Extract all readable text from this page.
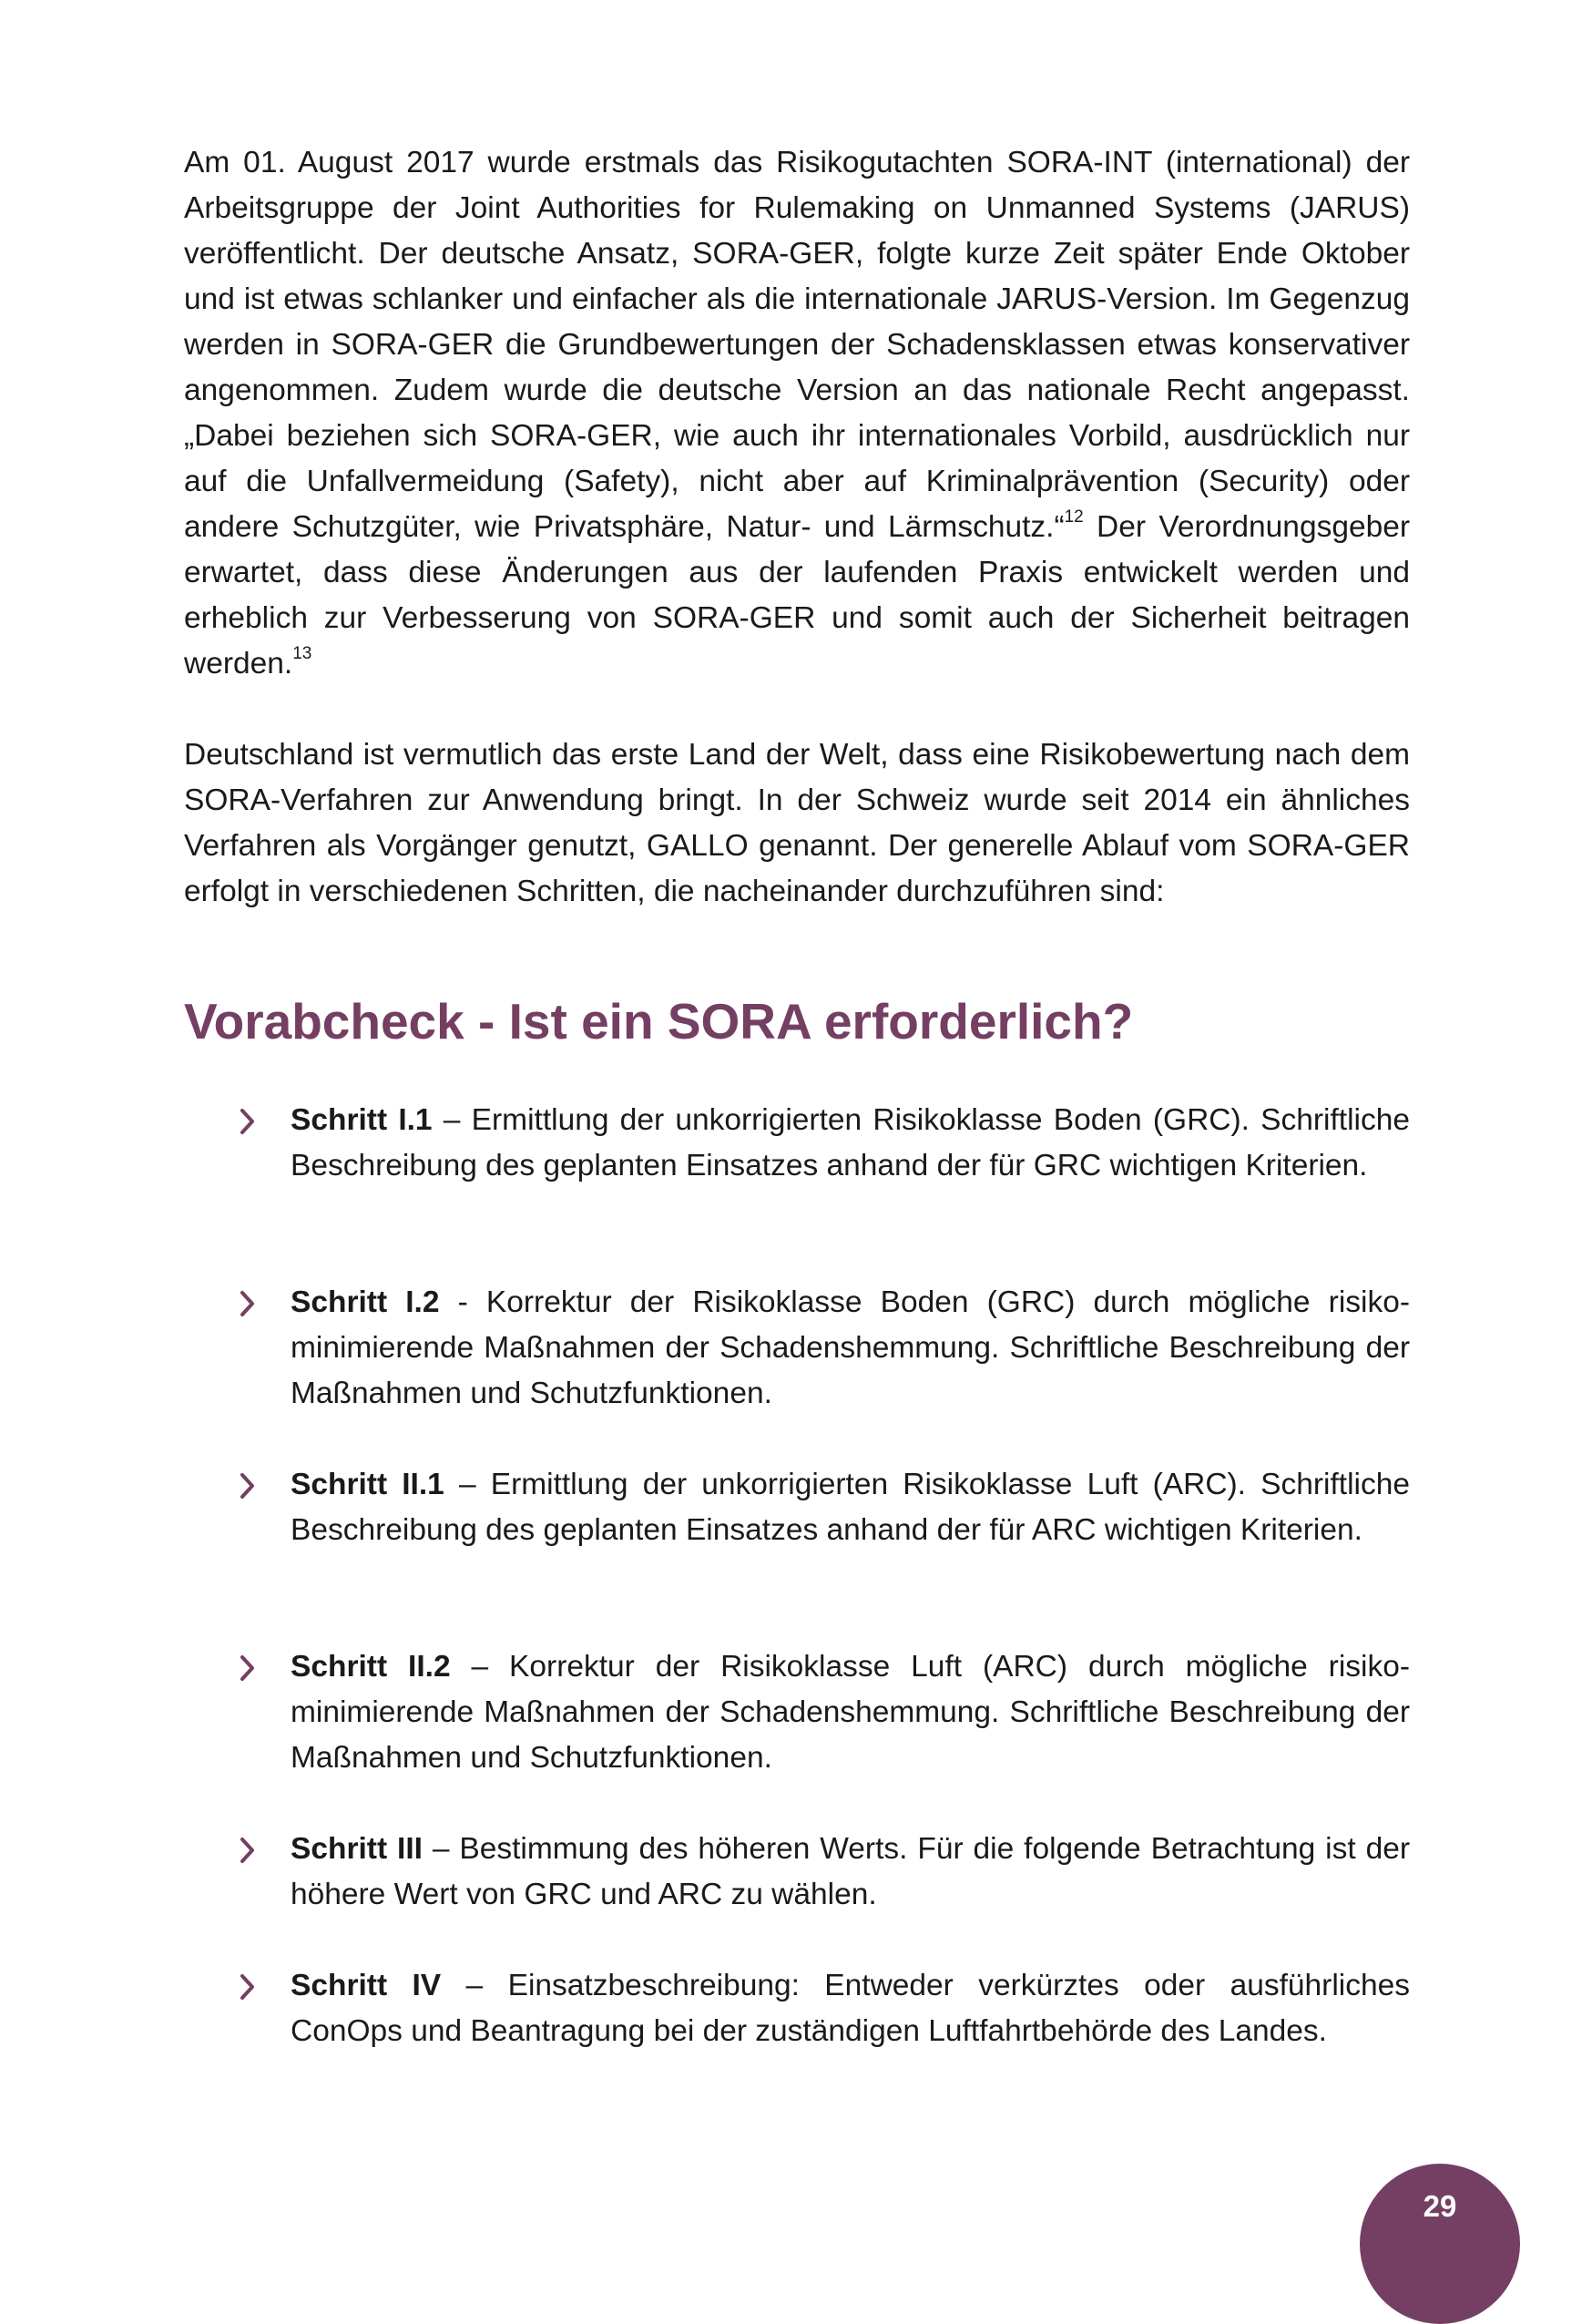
Am 01. August 2017 wurde erstmals das Risikogutachten SORA-INT (international) der Arbeitsgruppe der Joint Authorities for Rulemaking on Unmanned Systems (JARUS) veröffentlicht. Der deutsche Ansatz, SORA-GER, folgte kurze Zeit später Ende Oktober und ist etwas schlanker und einfacher als die internationale JARUS-Version. Im Gegenzug werden in SORA-GER die Grundbewertungen der Schadensklassen etwas konservativer angenommen. Zudem wurde die deutsche Version an das nationale Recht angepasst. „Dabei beziehen sich SORA-GER, wie auch ihr internationales Vorbild, ausdrücklich nur auf die Unfallvermeidung (Safety), nicht aber auf Kriminalprävention (Security) oder andere Schutzgüter, wie Privatsphäre, Natur- und Lärmschutz.“$^{12}$ Der Verordnungsgeber erwartet, dass diese Änderungen aus der laufenden Praxis entwickelt werden und erheblich zur Verbesserung von SORA-GER und somit auch der Sicherheit beitragen werden.$^{13}$

Deutschland ist vermutlich das erste Land der Welt, dass eine Risikobewertung nach dem SORA-Verfahren zur Anwendung bringt. In der Schweiz wurde seit 2014 ein ähnliches Verfahren als Vorgänger genutzt, GALLO genannt. Der generelle Ablauf vom SORA-GER erfolgt in verschiedenen Schritten, die nacheinander durchzuführen sind:

Vorabcheck - Ist ein SORA erforderlich?

Schritt I.1 – Ermittlung der unkorrigierten Risikoklasse Boden (GRC). Schriftliche Beschreibung des geplanten Einsatzes anhand der für GRC wichtigen Kriterien.

Schritt I.2 - Korrektur der Risikoklasse Boden (GRC) durch mögliche risikominimierende Maßnahmen der Schadenshemmung. Schriftliche Beschreibung der Maßnahmen und Schutzfunktionen.

Schritt II.1 – Ermittlung der unkorrigierten Risikoklasse Luft (ARC). Schriftliche Beschreibung des geplanten Einsatzes anhand der für ARC wichtigen Kriterien.

Schritt II.2 – Korrektur der Risikoklasse Luft (ARC) durch mögliche risikominimierende Maßnahmen der Schadenshemmung. Schriftliche Beschreibung der Maßnahmen und Schutzfunktionen.

Schritt III – Bestimmung des höheren Werts. Für die folgende Betrachtung ist der höhere Wert von GRC und ARC zu wählen.

Schritt IV – Einsatzbeschreibung: Entweder verkürztes oder ausführliches ConOps und Beantragung bei der zuständigen Luftfahrtbehörde des Landes.

29
